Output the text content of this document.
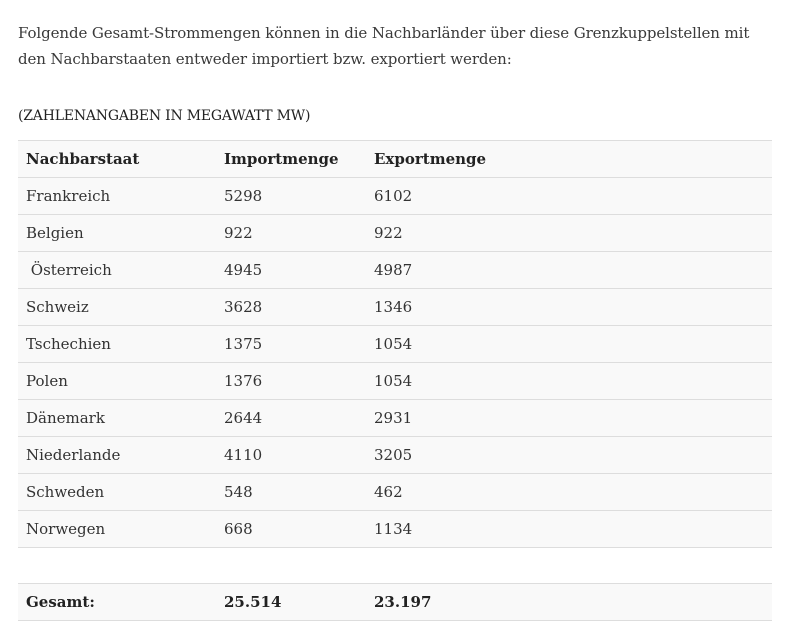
Folgende Gesamt-Strommengen können in die Nachbarländer über diese Grenzkuppelstellen mit den Nachbarstaaten entweder importiert bzw. exportiert werden:

(ZAHLENANGABEN IN MEGAWATT MW)

Nachbarstaat	Importmenge	Exportmenge
Frankreich	5298	6102
Belgien	922	922
Österreich	4945	4987
Schweiz	3628	1346
Tschechien	1375	1054
Polen	1376	1054
Dänemark	2644	2931
Niederlande	4110	3205
Schweden	548	462
Norwegen	668	1134

Gesamt:	25.514	23.197
